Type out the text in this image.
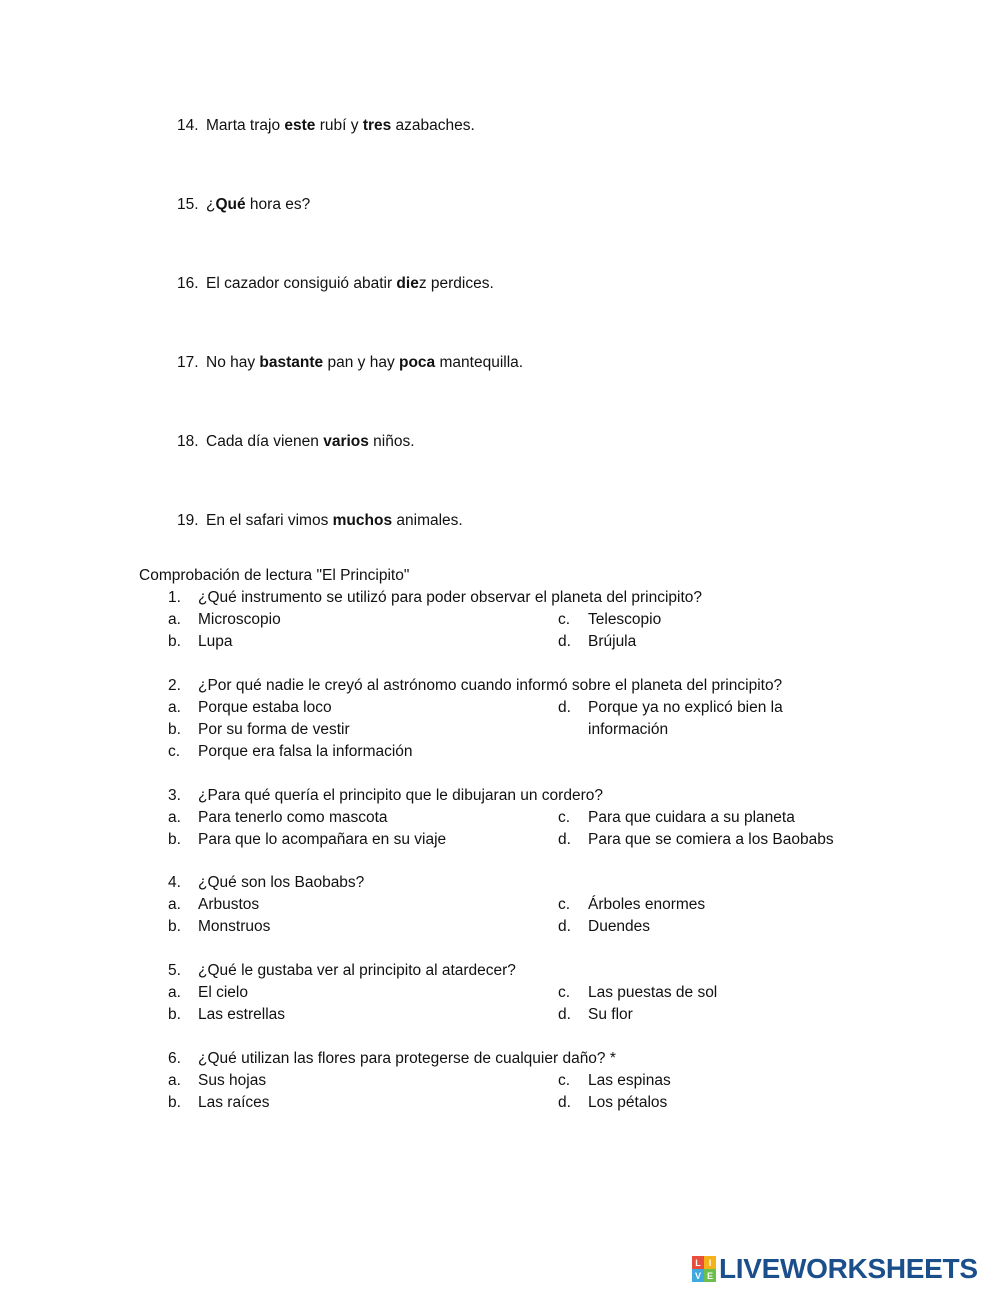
14. Marta trajo este rubí y tres azabaches.
15. ¿Qué hora es?
16. El cazador consiguió abatir diez perdices.
17. No hay bastante pan y hay poca mantequilla.
18. Cada día vienen varios niños.
19. En el safari vimos muchos animales.
Comprobación de lectura "El Principito"
1. ¿Qué instrumento se utilizó para poder observar el planeta del principito?
a. Microscopio
b. Lupa
c. Telescopio
d. Brújula
2. ¿Por qué nadie le creyó al astrónomo cuando informó sobre el planeta del principito?
a. Porque estaba loco
b. Por su forma de vestir
c. Porque era falsa la información
d. Porque ya no explicó bien la
información
3. ¿Para qué quería el principito que le dibujaran un cordero?
a. Para tenerlo como mascota
b. Para que lo acompañara en su viaje
c. Para que cuidara a su planeta
d. Para que se comiera a los Baobabs
4. ¿Qué son los Baobabs?
a. Arbustos
b. Monstruos
c. Árboles enormes
d. Duendes
5. ¿Qué le gustaba ver al principito al atardecer?
a. El cielo
b. Las estrellas
c. Las puestas de sol
d. Su flor
6. ¿Qué utilizan las flores para protegerse de cualquier daño? *
a. Sus hojas
b. Las raíces
c. Las espinas
d. Los pétalos
L I
V E LIVEWORKSHEETS
